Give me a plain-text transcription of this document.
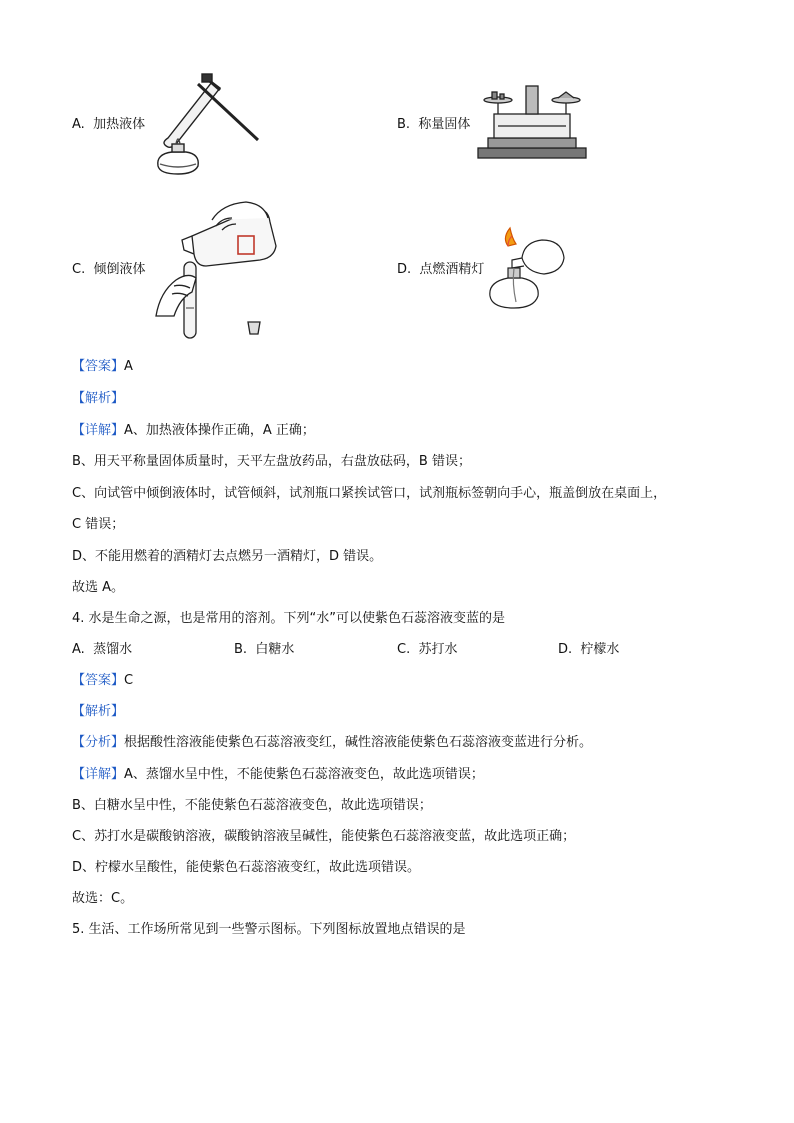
A. 加热液体	B. 称量固体
C. 倾倒液体	D. 点燃酒精灯
【答案】A
【解析】
【详解】A、加热液体操作正确，A 正确；
B、用天平称量固体质量时，天平左盘放药品，右盘放砝码，B 错误；
C、向试管中倾倒液体时，试管倾斜，试剂瓶口紧挨试管口，试剂瓶标签朝向手心，瓶盖倒放在桌面上，
C 错误；
D、不能用燃着的酒精灯去点燃另一酒精灯，D 错误。
故选 A。
4. 水是生命之源，也是常用的溶剂。下列“水”可以使紫色石蕊溶液变蓝的是
A. 蒸馏水	B. 白糖水	C. 苏打水	D. 柠檬水
【答案】C
【解析】
【分析】根据酸性溶液能使紫色石蕊溶液变红，碱性溶液能使紫色石蕊溶液变蓝进行分析。
【详解】A、蒸馏水呈中性，不能使紫色石蕊溶液变色，故此选项错误；
B、白糖水呈中性，不能使紫色石蕊溶液变色，故此选项错误；
C、苏打水是碳酸钠溶液，碳酸钠溶液呈碱性，能使紫色石蕊溶液变蓝，故此选项正确；
D、柠檬水呈酸性，能使紫色石蕊溶液变红，故此选项错误。
故选：C。
5. 生活、工作场所常见到一些警示图标。下列图标放置地点错误的是
